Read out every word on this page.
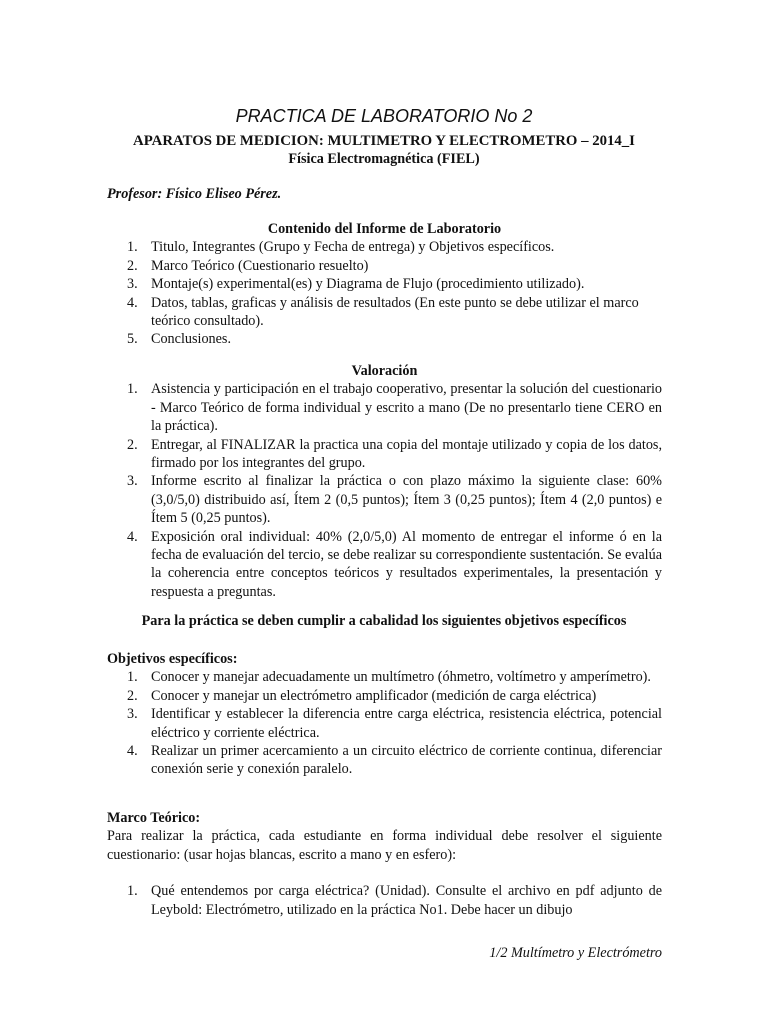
PRACTICA DE LABORATORIO No 2
APARATOS DE MEDICION: MULTIMETRO Y ELECTROMETRO – 2014_I
Física Electromagnética (FIEL)
Profesor: Físico Eliseo Pérez.
Contenido del Informe de Laboratorio
1. Titulo, Integrantes (Grupo y Fecha de entrega) y Objetivos específicos.
2. Marco Teórico (Cuestionario resuelto)
3. Montaje(s) experimental(es) y Diagrama de Flujo (procedimiento utilizado).
4. Datos, tablas, graficas y análisis de resultados (En este punto se debe utilizar el marco teórico consultado).
5. Conclusiones.
Valoración
1. Asistencia y participación en el trabajo cooperativo, presentar la solución del cuestionario - Marco Teórico de forma individual y escrito a mano (De no presentarlo tiene CERO en la práctica).
2. Entregar, al FINALIZAR la practica una copia del montaje utilizado y copia de los datos, firmado por los integrantes del grupo.
3. Informe escrito al finalizar la práctica o con plazo máximo la siguiente clase: 60% (3,0/5,0) distribuido así, Ítem 2 (0,5 puntos); Ítem 3 (0,25 puntos); Ítem 4 (2,0 puntos) e Ítem 5 (0,25 puntos).
4. Exposición oral individual: 40% (2,0/5,0) Al momento de entregar el informe ó en la fecha de evaluación del tercio, se debe realizar su correspondiente sustentación. Se evalúa la coherencia entre conceptos teóricos y resultados experimentales, la presentación y respuesta a preguntas.
Para la práctica se deben cumplir a cabalidad los siguientes objetivos específicos
Objetivos específicos:
1. Conocer y manejar adecuadamente un multímetro (óhmetro, voltímetro y amperímetro).
2. Conocer y manejar un electrómetro amplificador (medición de carga eléctrica)
3. Identificar y establecer la diferencia entre carga eléctrica, resistencia eléctrica, potencial eléctrico y corriente eléctrica.
4. Realizar un primer acercamiento a un circuito eléctrico de corriente continua, diferenciar conexión serie y conexión paralelo.
Marco Teórico:

Para realizar la práctica, cada estudiante en forma individual debe resolver el siguiente cuestionario: (usar hojas blancas, escrito a mano y en esfero):

1. Qué entendemos por carga eléctrica? (Unidad). Consulte el archivo en pdf adjunto de Leybold: Electrómetro, utilizado en la práctica No1. Debe hacer un dibujo
1/2 Multímetro y Electrómetro
